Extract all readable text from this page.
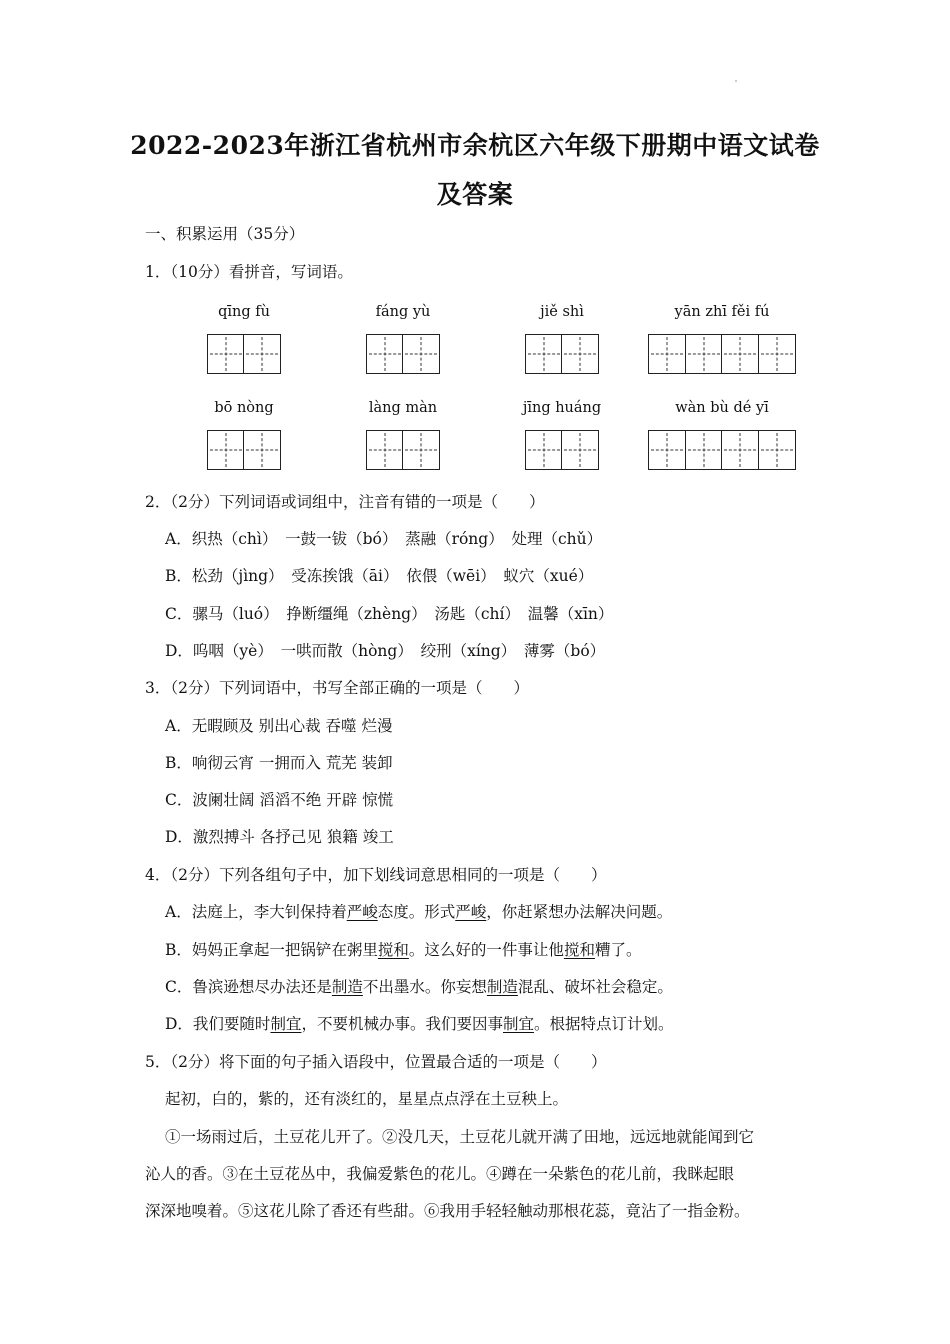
2022-2023年浙江省杭州市余杭区六年级下册期中语文试卷
及答案
一、积累运用（35分）
1．（10分）看拼音，写词语。
qīng fù	fáng yù	jiě shì	yān zhī fěi fú
bō nòng	làng màn	jīng huáng	wàn bù dé yī
2．（2分）下列词语或词组中，注音有错的一项是（　　）
A．织热（chì）　一鼓一钹（bó）　蒸融（róng）　处理（chǔ）
B．松劲（jìng）　受冻挨饿（āi）　依偎（wēi）　蚁穴（xué）
C．骡马（luó）　挣断缰绳（zhèng）　汤匙（chí）　温馨（xīn）
D．呜咽（yè）　一哄而散（hòng）　绞刑（xíng）　薄雾（bó）
3．（2分）下列词语中，书写全部正确的一项是（　　）
A．无暇顾及 别出心裁 吞噬 烂漫
B．响彻云宵 一拥而入 荒芜 装卸
C．波阑壮阔 滔滔不绝 开辟 惊慌
D．激烈搏斗 各抒己见 狼籍 竣工
4．（2分）下列各组句子中，加下划线词意思相同的一项是（　　）
A．法庭上，李大钊保持着严峻态度。形式严峻，你赶紧想办法解决问题。
B．妈妈正拿起一把锅铲在粥里搅和。这么好的一件事让他搅和糟了。
C．鲁滨逊想尽办法还是制造不出墨水。你妄想制造混乱、破坏社会稳定。
D．我们要随时制宜，不要机械办事。我们要因事制宜。根据特点订计划。
5．（2分）将下面的句子插入语段中，位置最合适的一项是（　　）
起初，白的，紫的，还有淡红的，星星点点浮在土豆秧上。
①一场雨过后，土豆花儿开了。②没几天，土豆花儿就开满了田地，远远地就能闻到它
沁人的香。③在土豆花丛中，我偏爱紫色的花儿。④蹲在一朵紫色的花儿前，我眯起眼
深深地嗅着。⑤这花儿除了香还有些甜。⑥我用手轻轻触动那根花蕊，竟沾了一指金粉。
